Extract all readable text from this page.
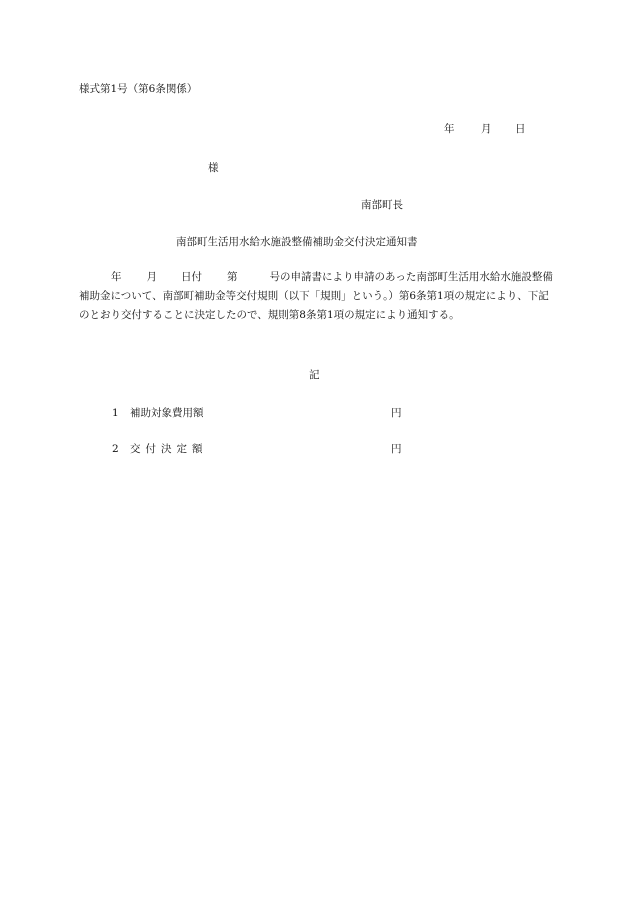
様式第1号（第6条関係）
年	月 日
様
南部町長
南部町生活用水給水施設整備補助金交付決定通知書
年 月 日付 第	号の申請書により申請のあった南部町生活用水給水施設整備補助金について、南部町補助金等交付規則（以下「規則」という。）第6条第1項の規定により、下記のとおり交付することに決定したので、規則第8条第1項の規定により通知する。
記
1 補助対象費用額	円
2 交付決定額	円
